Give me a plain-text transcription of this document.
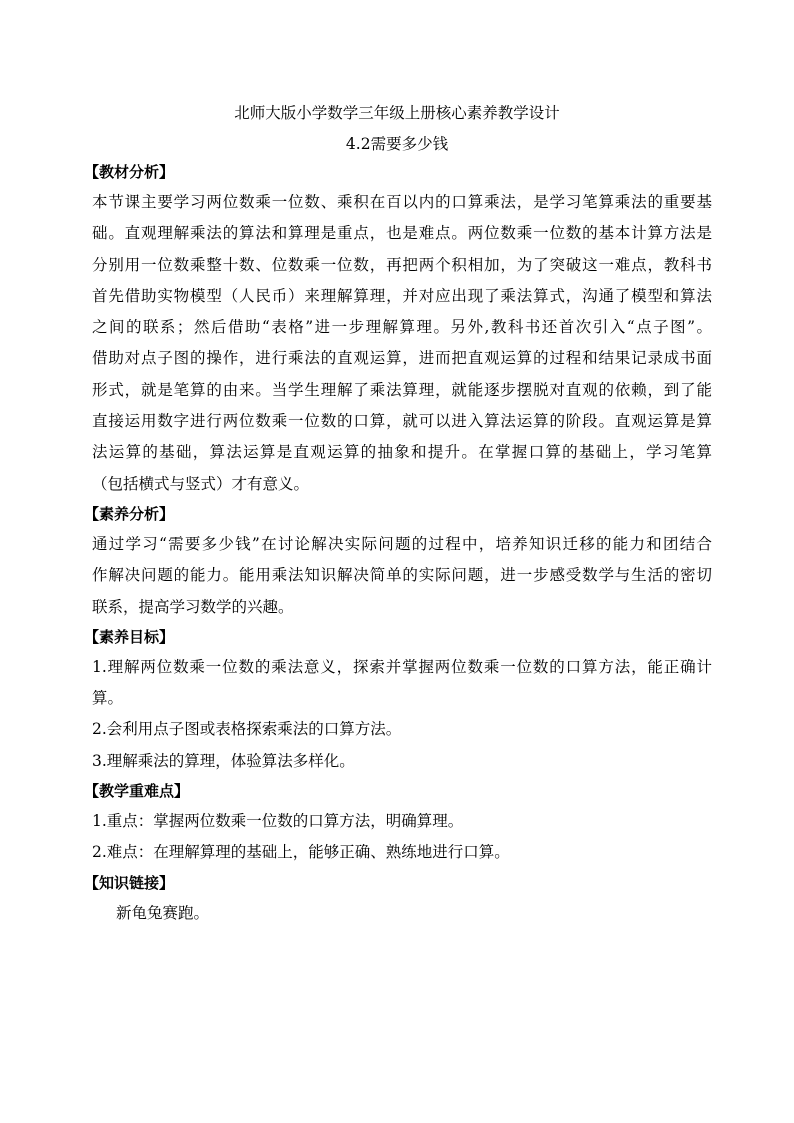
北师大版小学数学三年级上册核心素养教学设计
4.2需要多少钱
【教材分析】
本节课主要学习两位数乘一位数、乘积在百以内的口算乘法，是学习笔算乘法的重要基
础。直观理解乘法的算法和算理是重点，也是难点。两位数乘一位数的基本计算方法是
分别用一位数乘整十数、位数乘一位数，再把两个积相加，为了突破这一难点，教科书
首先借助实物模型（人民币）来理解算理，并对应出现了乘法算式，沟通了模型和算法
之间的联系；然后借助“表格”进一步理解算理。另外,教科书还首次引入“点子图”。
借助对点子图的操作，进行乘法的直观运算，进而把直观运算的过程和结果记录成书面
形式，就是笔算的由来。当学生理解了乘法算理，就能逐步摆脱对直观的依赖，到了能
直接运用数字进行两位数乘一位数的口算，就可以进入算法运算的阶段。直观运算是算
法运算的基础，算法运算是直观运算的抽象和提升。在掌握口算的基础上，学习笔算
（包括横式与竖式）才有意义。
【素养分析】
通过学习“需要多少钱”在讨论解决实际问题的过程中，培养知识迁移的能力和团结合
作解决问题的能力。能用乘法知识解决简单的实际问题，进一步感受数学与生活的密切
联系，提高学习数学的兴趣。
【素养目标】
1.理解两位数乘一位数的乘法意义，探索并掌握两位数乘一位数的口算方法，能正确计
算。
2.会利用点子图或表格探索乘法的口算方法。
3.理解乘法的算理，体验算法多样化。
【教学重难点】
1.重点：掌握两位数乘一位数的口算方法，明确算理。
2.难点：在理解算理的基础上，能够正确、熟练地进行口算。
【知识链接】
新龟兔赛跑。
